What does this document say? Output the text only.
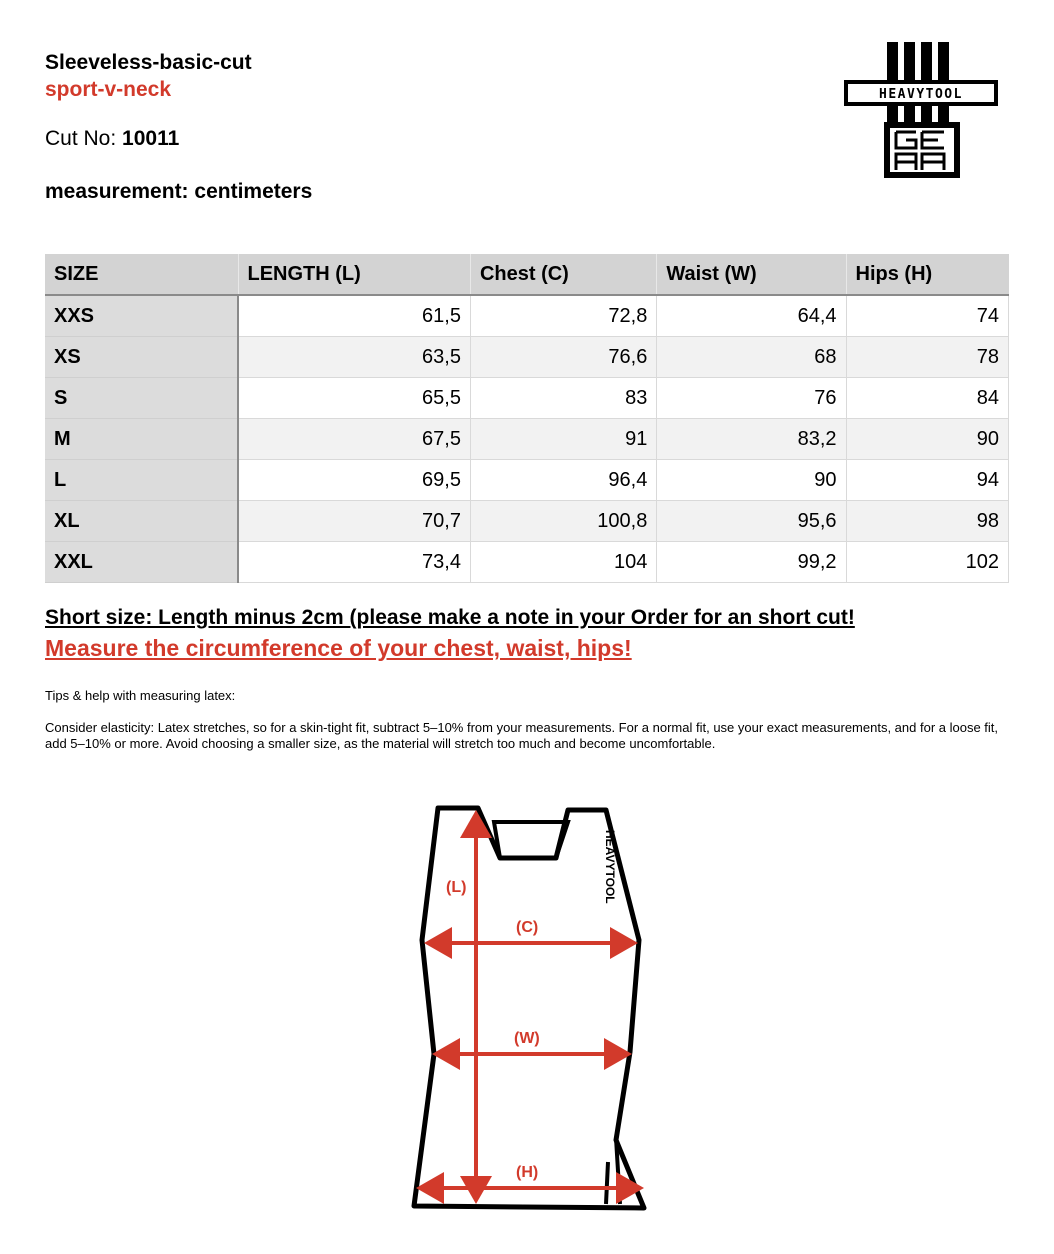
Sleeveless-basic-cut
sport-v-neck
Cut No: 10011
measurement: centimeters
HEAVYTOOL
SIZE	LENGTH (L)	Chest (C)	Waist (W)	Hips (H)
XXS	61,5	72,8	64,4	74
XS	63,5	76,6	68	78
S	65,5	83	76	84
M	67,5	91	83,2	90
L	69,5	96,4	90	94
XL	70,7	100,8	95,6	98
XXL	73,4	104	99,2	102
Short size: Length minus 2cm (please make a note in your Order for an short cut!
Measure the circumference of your chest, waist, hips!
Tips & help with measuring latex:
Consider elasticity: Latex stretches, so for a skin-tight fit, subtract 5–10% from your measurements. For a normal fit, use your exact measurements, and for a loose fit, add 5–10% or more. Avoid choosing a smaller size, as the material will stretch too much and become uncomfortable.
(L)
(C)
(W)
(H)
HEAVYTOOL
